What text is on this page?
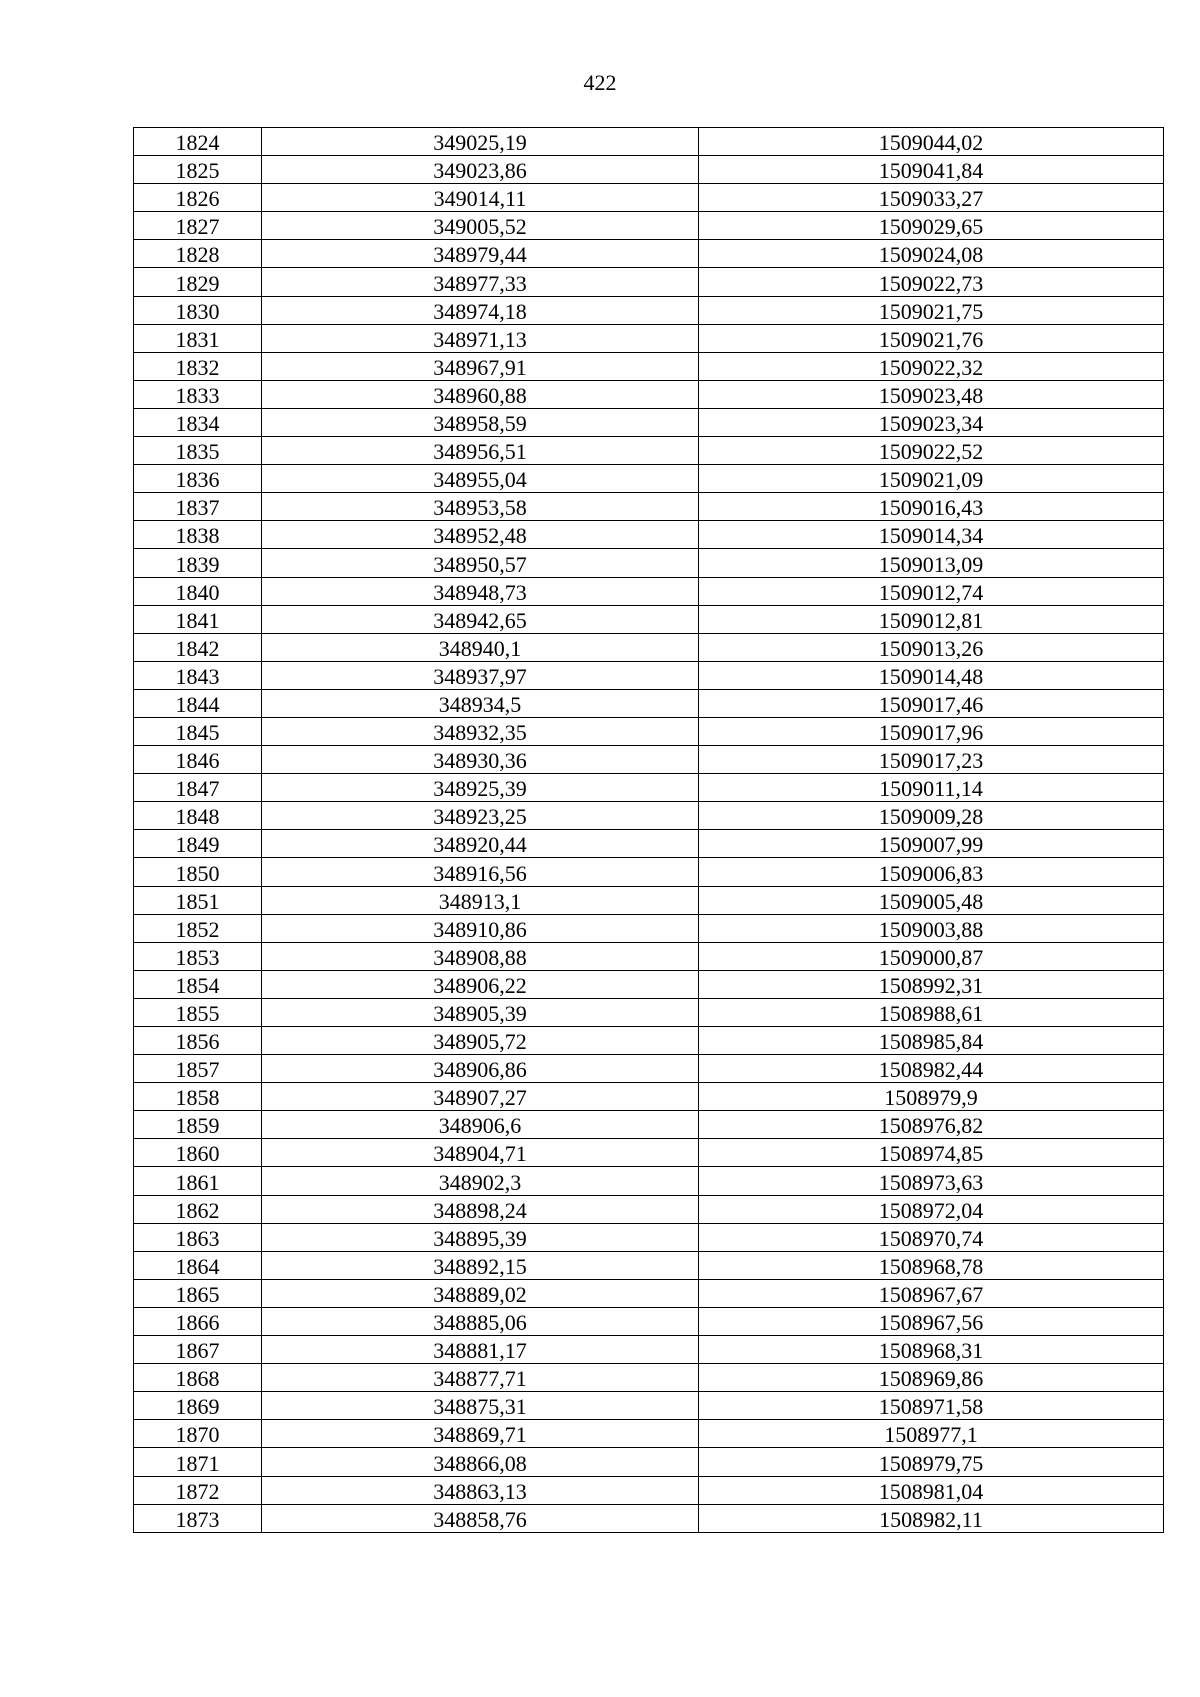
422
1824	349025,19	1509044,02
1825	349023,86	1509041,84
1826	349014,11	1509033,27
1827	349005,52	1509029,65
1828	348979,44	1509024,08
1829	348977,33	1509022,73
1830	348974,18	1509021,75
1831	348971,13	1509021,76
1832	348967,91	1509022,32
1833	348960,88	1509023,48
1834	348958,59	1509023,34
1835	348956,51	1509022,52
1836	348955,04	1509021,09
1837	348953,58	1509016,43
1838	348952,48	1509014,34
1839	348950,57	1509013,09
1840	348948,73	1509012,74
1841	348942,65	1509012,81
1842	348940,1	1509013,26
1843	348937,97	1509014,48
1844	348934,5	1509017,46
1845	348932,35	1509017,96
1846	348930,36	1509017,23
1847	348925,39	1509011,14
1848	348923,25	1509009,28
1849	348920,44	1509007,99
1850	348916,56	1509006,83
1851	348913,1	1509005,48
1852	348910,86	1509003,88
1853	348908,88	1509000,87
1854	348906,22	1508992,31
1855	348905,39	1508988,61
1856	348905,72	1508985,84
1857	348906,86	1508982,44
1858	348907,27	1508979,9
1859	348906,6	1508976,82
1860	348904,71	1508974,85
1861	348902,3	1508973,63
1862	348898,24	1508972,04
1863	348895,39	1508970,74
1864	348892,15	1508968,78
1865	348889,02	1508967,67
1866	348885,06	1508967,56
1867	348881,17	1508968,31
1868	348877,71	1508969,86
1869	348875,31	1508971,58
1870	348869,71	1508977,1
1871	348866,08	1508979,75
1872	348863,13	1508981,04
1873	348858,76	1508982,11
